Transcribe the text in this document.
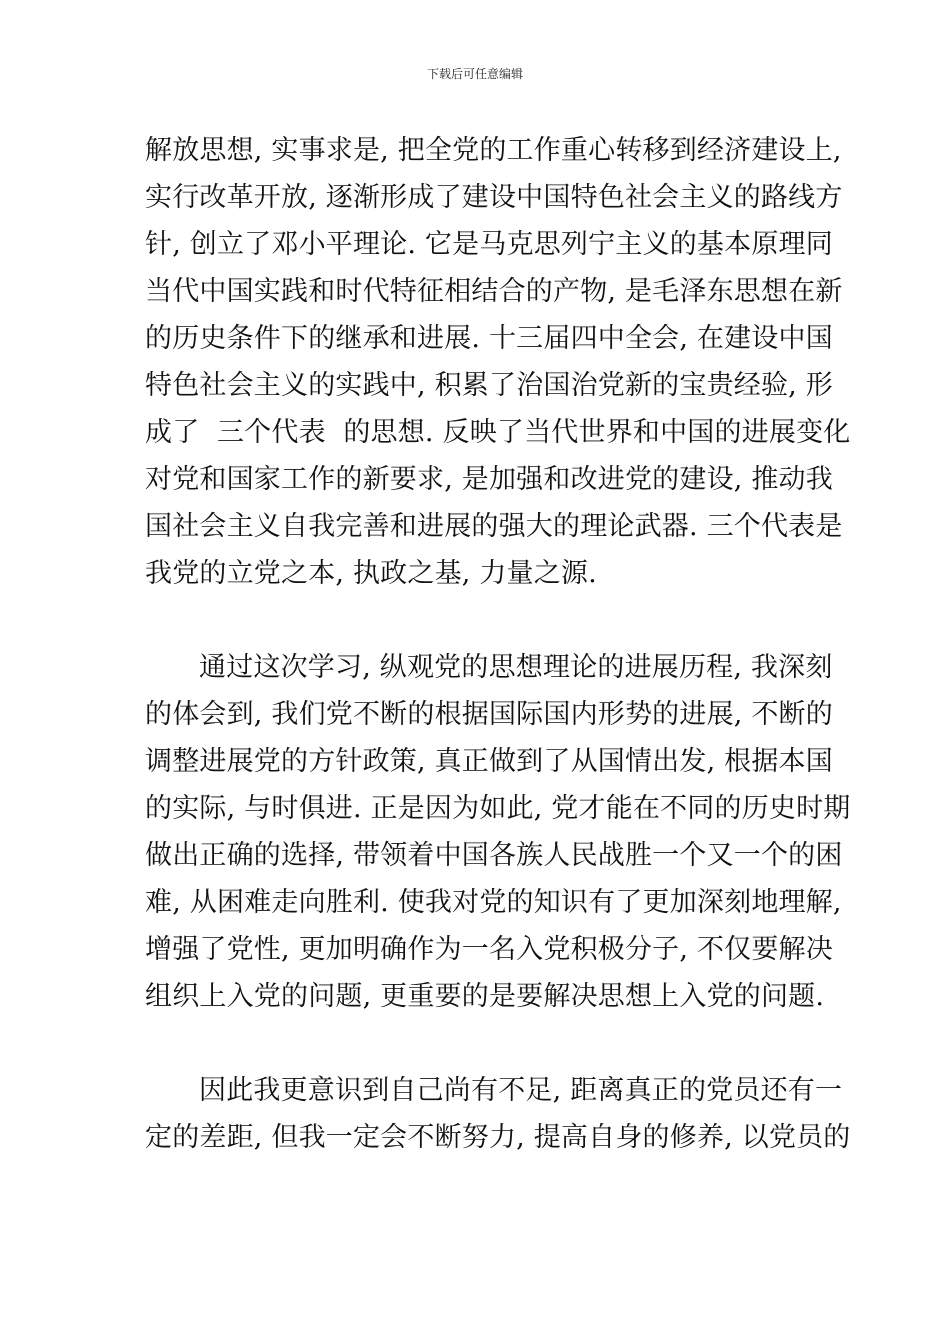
下载后可任意编辑
解放思想, 实事求是, 把全党的工作重心转移到经济建设上,
实行改革开放, 逐渐形成了建设中国特色社会主义的路线方
针, 创立了邓小平理论. 它是马克思列宁主义的基本原理同
当代中国实践和时代特征相结合的产物, 是毛泽东思想在新
的历史条件下的继承和进展. 十三届四中全会, 在建设中国
特色社会主义的实践中, 积累了治国治党新的宝贵经验, 形
成了  三个代表  的思想. 反映了当代世界和中国的进展变化
对党和国家工作的新要求, 是加强和改进党的建设, 推动我
国社会主义自我完善和进展的强大的理论武器. 三个代表是
我党的立党之本, 执政之基, 力量之源.
通过这次学习, 纵观党的思想理论的进展历程, 我深刻
的体会到, 我们党不断的根据国际国内形势的进展, 不断的
调整进展党的方针政策, 真正做到了从国情出发, 根据本国
的实际, 与时俱进. 正是因为如此, 党才能在不同的历史时期
做出正确的选择, 带领着中国各族人民战胜一个又一个的困
难, 从困难走向胜利. 使我对党的知识有了更加深刻地理解,
增强了党性, 更加明确作为一名入党积极分子, 不仅要解决
组织上入党的问题, 更重要的是要解决思想上入党的问题.
因此我更意识到自己尚有不足, 距离真正的党员还有一
定的差距, 但我一定会不断努力, 提高自身的修养, 以党员的
